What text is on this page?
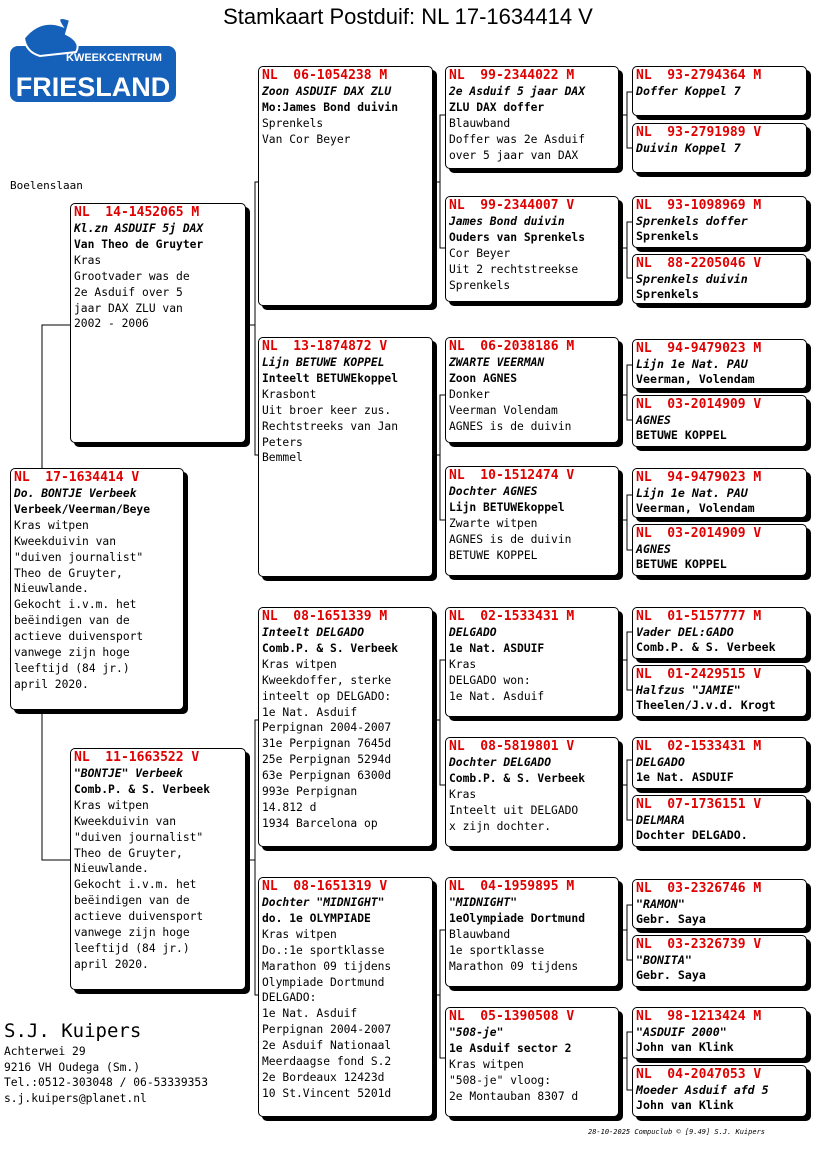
Stamkaart Postduif: NL 17-1634414 V
KWEEKCENTRUM
FRIESLAND
Boelenslaan
NL  17-1634414 V
Do. BONTJE Verbeek
Verbeek/Veerman/Beye
Kras witpen
Kweekduivin van
"duiven journalist"
Theo de Gruyter,
Nieuwlande.
Gekocht i.v.m. het
beëindigen van de
actieve duivensport
vanwege zijn hoge
leeftijd (84 jr.)
april 2020.
NL  14-1452065 M
Kl.zn ASDUIF 5j DAX
Van Theo de Gruyter
Kras
Grootvader was de
2e Asduif over 5
jaar DAX ZLU van
2002 - 2006
NL  11-1663522 V
"BONTJE" Verbeek
Comb.P. & S. Verbeek
Kras witpen
Kweekduivin van
"duiven journalist"
Theo de Gruyter,
Nieuwlande.
Gekocht i.v.m. het
beëindigen van de
actieve duivensport
vanwege zijn hoge
leeftijd (84 jr.)
april 2020.
NL  06-1054238 M
Zoon ASDUIF DAX ZLU
Mo:James Bond duivin
Sprenkels
Van Cor Beyer
NL  13-1874872 V
Lijn BETUWE KOPPEL
Inteelt BETUWEkoppel
Krasbont
Uit broer keer zus.
Rechtstreeks van Jan
Peters
Bemmel
NL  08-1651339 M
Inteelt DELGADO
Comb.P. & S. Verbeek
Kras witpen
Kweekdoffer, sterke
inteelt op DELGADO:
1e Nat. Asduif
Perpignan 2004-2007
31e Perpignan 7645d
25e Perpignan 5294d
63e Perpignan 6300d
993e Perpignan
14.812 d
1934 Barcelona op
NL  08-1651319 V
Dochter "MIDNIGHT"
do. 1e OLYMPIADE
Kras witpen
Do.:1e sportklasse
Marathon 09 tijdens
Olympiade Dortmund
DELGADO:
1e Nat. Asduif
Perpignan 2004-2007
2e Asduif Nationaal
Meerdaagse fond S.2
2e Bordeaux 12423d
10 St.Vincent 5201d
NL  99-2344022 M
2e Asduif 5 jaar DAX
ZLU DAX doffer
Blauwband
Doffer was 2e Asduif
over 5 jaar van DAX
NL  99-2344007 V
James Bond duivin
Ouders van Sprenkels
Cor Beyer
Uit 2 rechtstreekse
Sprenkels
NL  06-2038186 M
ZWARTE VEERMAN
Zoon AGNES
Donker
Veerman Volendam
AGNES is de duivin
NL  10-1512474 V
Dochter AGNES
Lijn BETUWEkoppel
Zwarte witpen
AGNES is de duivin
BETUWE KOPPEL
NL  02-1533431 M
DELGADO
1e Nat. ASDUIF
Kras
DELGADO won:
1e Nat. Asduif
NL  08-5819801 V
Dochter DELGADO
Comb.P. & S. Verbeek
Kras
Inteelt uit DELGADO
x zijn dochter.
NL  04-1959895 M
"MIDNIGHT"
1eOlympiade Dortmund
Blauwband
1e sportklasse
Marathon 09 tijdens
NL  05-1390508 V
"508-je"
1e Asduif sector 2
Kras witpen
"508-je" vloog:
2e Montauban 8307 d
NL  93-2794364 M
Doffer Koppel 7
NL  93-2791989 V
Duivin Koppel 7
NL  93-1098969 M
Sprenkels doffer
Sprenkels
NL  88-2205046 V
Sprenkels duivin
Sprenkels
NL  94-9479023 M
Lijn 1e Nat. PAU
Veerman, Volendam
NL  03-2014909 V
AGNES
BETUWE KOPPEL
NL  94-9479023 M
Lijn 1e Nat. PAU
Veerman, Volendam
NL  03-2014909 V
AGNES
BETUWE KOPPEL
NL  01-5157777 M
Vader DEL:GADO
Comb.P. & S. Verbeek
NL  01-2429515 V
Halfzus "JAMIE"
Theelen/J.v.d. Krogt
NL  02-1533431 M
DELGADO
1e Nat. ASDUIF
NL  07-1736151 V
DELMARA
Dochter DELGADO.
NL  03-2326746 M
"RAMON"
Gebr. Saya
NL  03-2326739 V
"BONITA"
Gebr. Saya
NL  98-1213424 M
"ASDUIF 2000"
John van Klink
NL  04-2047053 V
Moeder Asduif afd 5
John van Klink
S.J. Kuipers
Achterwei 29
9216 VH Oudega (Sm.)
Tel.:0512-303048 / 06-53339353
s.j.kuipers@planet.nl
28-10-2025 Compuclub © [9.49] S.J. Kuipers
